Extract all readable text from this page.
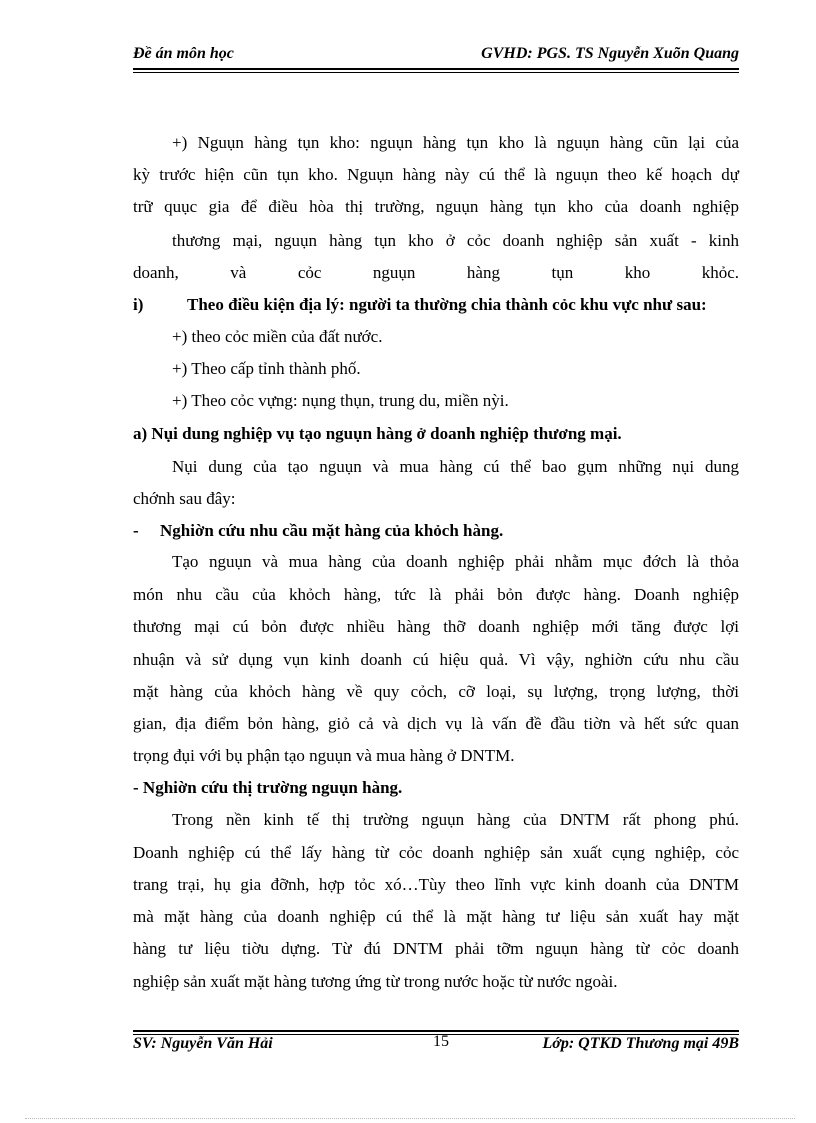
Đề án môn học	GVHD: PGS. TS Nguyễn Xuõn Quang
+) Nguụn hàng tụn kho: nguụn hàng tụn kho là nguụn hàng cũn lại của
kỳ trước hiện cũn tụn kho. Nguụn hàng này cú thể là nguụn theo kế hoạch dự
trữ quục gia để điều hòa thị trường, nguụn hàng tụn kho của doanh nghiệp
thương mại, nguụn hàng tụn kho ở cỏc doanh nghiệp sản xuất - kinh
doanh, và cỏc nguụn hàng tụn kho khỏc.
i)	Theo điều kiện địa lý: người ta thường chia thành cỏc khu vực như sau:
+) theo cỏc miền của đất nước.
+) Theo cấp tỉnh thành phố.
+) Theo cỏc vựng: nụng thụn, trung du, miền nỳi.
a) Nụi dung nghiệp vụ tạo nguụn hàng ở doanh nghiệp thương mại.
Nụi dung của tạo nguụn và mua hàng cú thể bao gụm những nụi dung
chớnh sau đây:
- Nghiờn cứu nhu cầu mặt hàng của khỏch hàng.
Tạo nguụn và mua hàng của doanh nghiệp phải nhằm mục đớch là thỏa
món nhu cầu của khỏch hàng, tức là phải bỏn được hàng. Doanh nghiệp
thương mại cú bỏn được nhiều hàng thỡ doanh nghiệp mới tăng được lợi
nhuận và sử dụng vụn kinh doanh cú hiệu quả. Vì vậy, nghiờn cứu nhu cầu
mặt hàng của khỏch hàng về quy cỏch, cỡ loại, sụ lượng, trọng lượng, thời
gian, địa điểm bỏn hàng, giỏ cả và dịch vụ là vấn đề đầu tiờn và hết sức quan
trọng đụi với bụ phận tạo nguụn và mua hàng ở DNTM.
- Nghiờn cứu thị trường nguụn hàng.
Trong nền kinh tế thị trường nguụn hàng của DNTM rất phong phú.
Doanh nghiệp cú thể lấy hàng từ cỏc doanh nghiệp sản xuất cụng nghiệp, cỏc
trang trại, hụ gia đỡnh, hợp tỏc xó…Tùy theo lĩnh vực kinh doanh của DNTM
mà mặt hàng của doanh nghiệp cú thể là mặt hàng tư liệu sản xuất hay mặt
hàng tư liệu tiờu dựng. Từ đú DNTM phải tỡm nguụn hàng từ cỏc doanh
nghiệp sản xuất mặt hàng tương ứng từ trong nước hoặc từ nước ngoài.
SV: Nguyễn Văn Hải	15	Lớp: QTKD Thương mại 49B
